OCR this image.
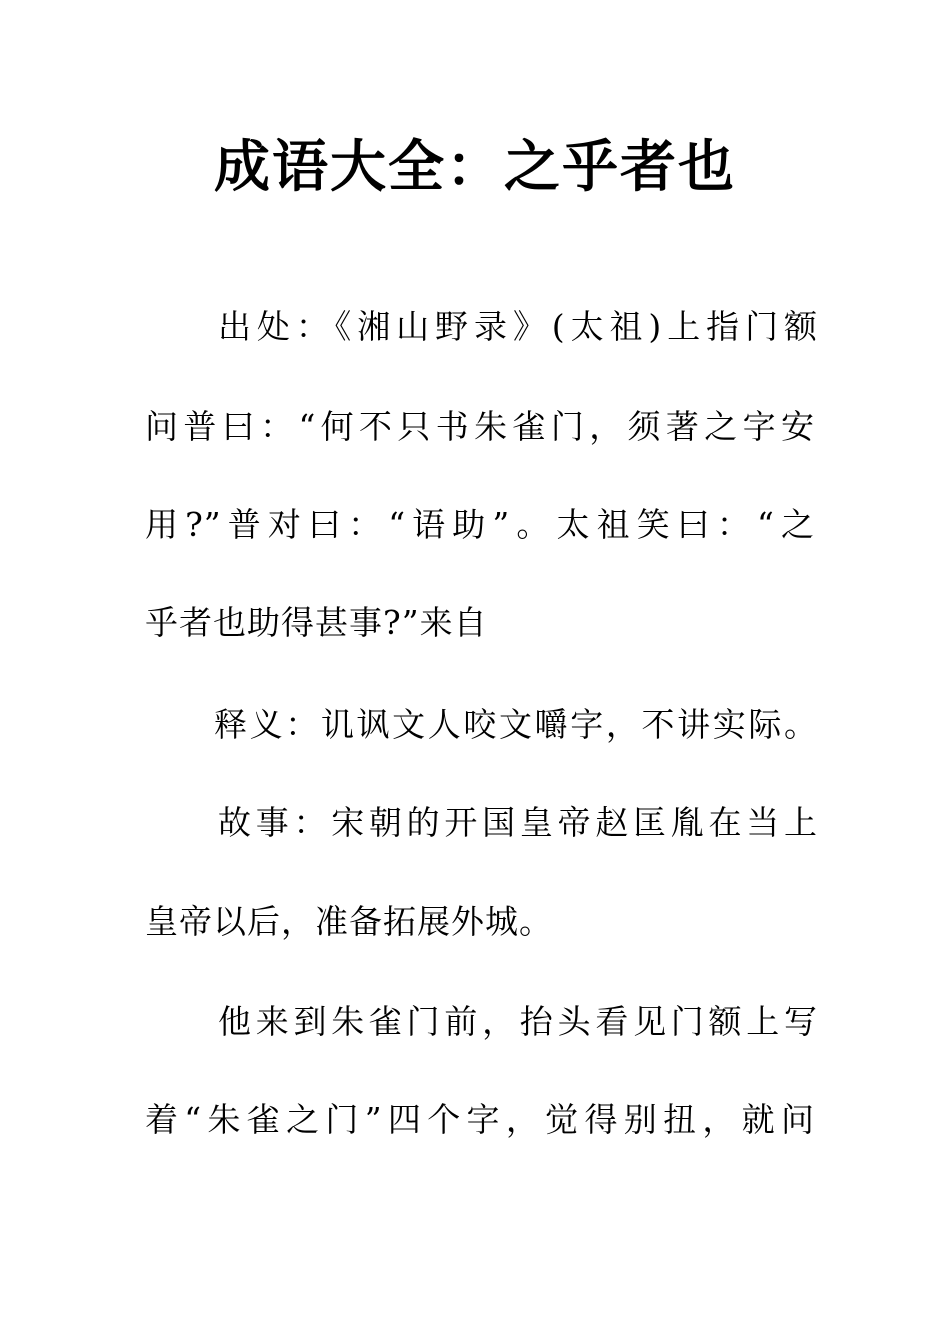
成语大全：之乎者也

出处：《湘山野录》(太祖)上指门额

问普曰：“何不只书朱雀门，须著之字安

用?”普对曰：“语助”。太祖笑曰：“之

乎者也助得甚事?”来自

释义：讥讽文人咬文嚼字，不讲实际。

故事：宋朝的开国皇帝赵匡胤在当上

皇帝以后，准备拓展外城。

他来到朱雀门前，抬头看见门额上写

着“朱雀之门”四个字，觉得别扭，就问
